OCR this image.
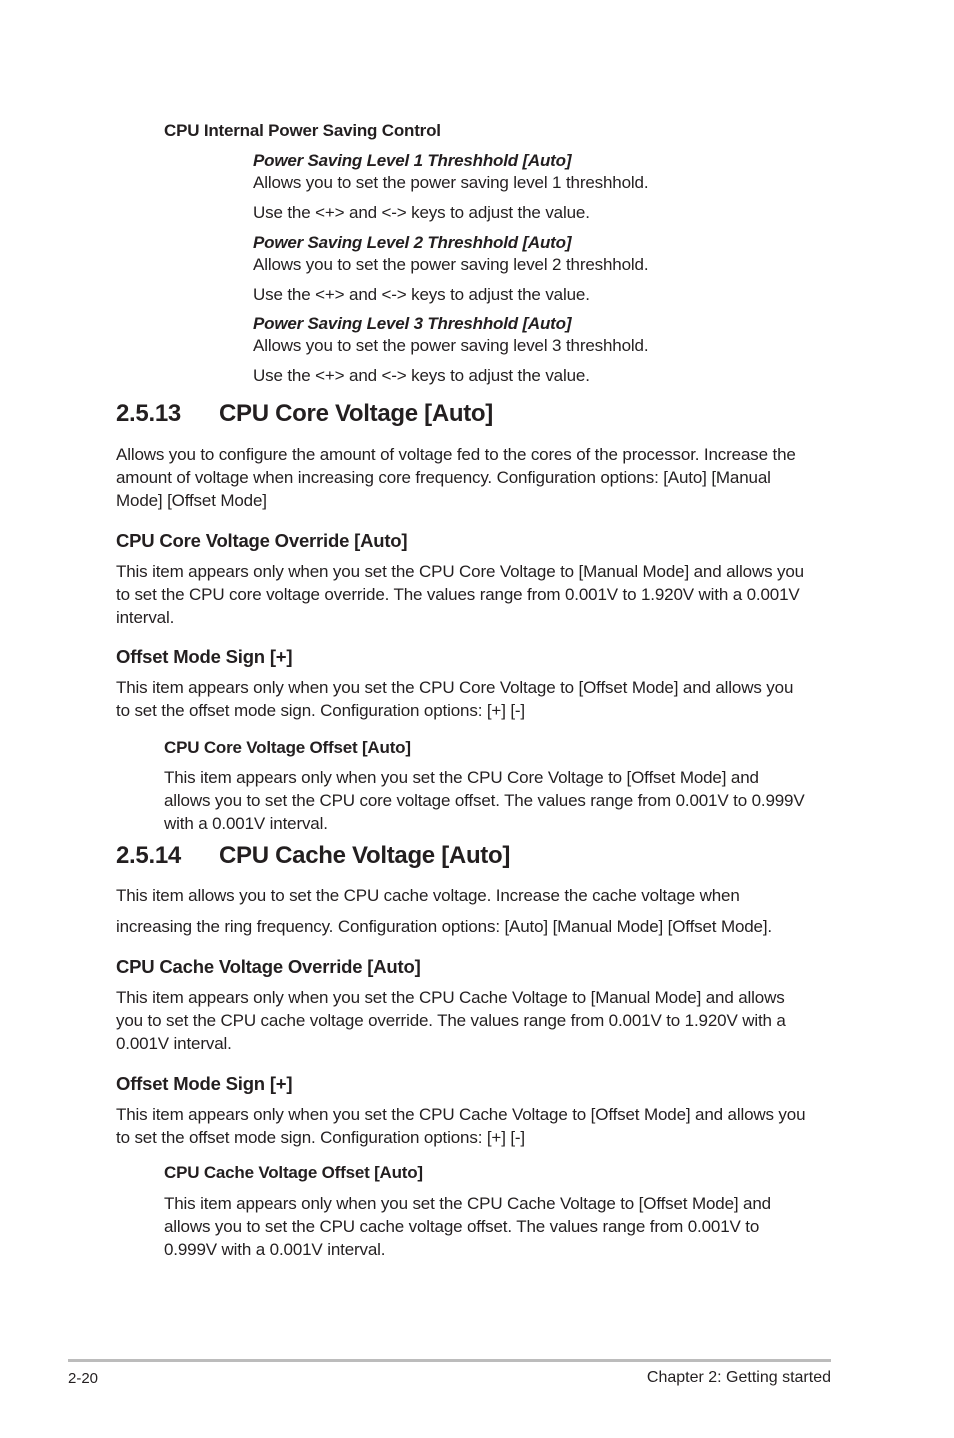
CPU Internal Power Saving Control
Power Saving Level 1 Threshhold [Auto]
Allows you to set the power saving level 1 threshhold.
Use the <+> and <-> keys to adjust the value.
Power Saving Level 2 Threshhold [Auto]
Allows you to set the power saving level 2 threshhold.
Use the <+> and <-> keys to adjust the value.
Power Saving Level 3 Threshhold [Auto]
Allows you to set the power saving level 3 threshhold.
Use the <+> and <-> keys to adjust the value.
2.5.13 CPU Core Voltage [Auto]
Allows you to configure the amount of voltage fed to the cores of the processor. Increase the
amount of voltage when increasing core frequency. Configuration options: [Auto] [Manual
Mode] [Offset Mode]
CPU Core Voltage Override [Auto]
This item appears only when you set the CPU Core Voltage to [Manual Mode] and allows you
to set the CPU core voltage override. The values range from 0.001V to 1.920V with a 0.001V
interval.
Offset Mode Sign [+]
This item appears only when you set the CPU Core Voltage to [Offset Mode] and allows you
to set the offset mode sign. Configuration options: [+] [-]
CPU Core Voltage Offset [Auto]
This item appears only when you set the CPU Core Voltage to [Offset Mode] and
allows you to set the CPU core voltage offset. The values range from 0.001V to 0.999V
with a 0.001V interval.
2.5.14 CPU Cache Voltage [Auto]
This item allows you to set the CPU cache voltage. Increase the cache voltage when
increasing the ring frequency. Configuration options: [Auto] [Manual Mode] [Offset Mode].
CPU Cache Voltage Override [Auto]
This item appears only when you set the CPU Cache Voltage to [Manual Mode] and allows
you to set the CPU cache voltage override. The values range from 0.001V to 1.920V with a
0.001V interval.
Offset Mode Sign [+]
This item appears only when you set the CPU Cache Voltage to [Offset Mode] and allows you
to set the offset mode sign. Configuration options: [+] [-]
CPU Cache Voltage Offset [Auto]
This item appears only when you set the CPU Cache Voltage to [Offset Mode] and
allows you to set the CPU cache voltage offset. The values range from 0.001V to
0.999V with a 0.001V interval.
2-20	Chapter 2: Getting started
